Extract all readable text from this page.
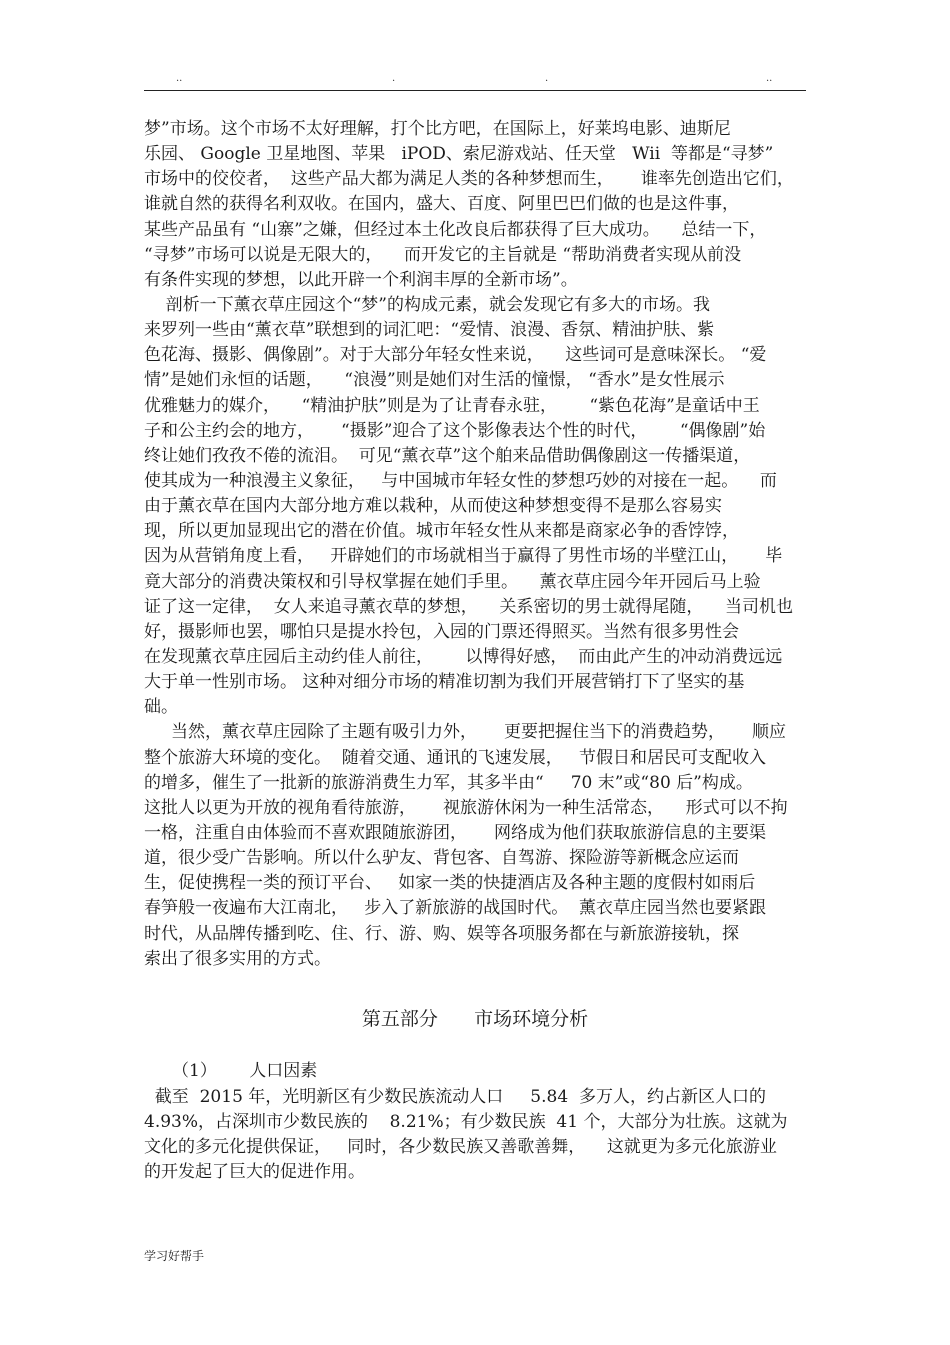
..	.	.	..
梦”市场。这个市场不太好理解，打个比方吧，在国际上，好莱坞电影、迪斯尼
乐园、 Google 卫星地图、苹果   iPOD、索尼游戏站、任天堂   Wii  等都是“寻梦”
市场中的佼佼者，  这些产品大都为满足人类的各种梦想而生，     谁率先创造出它们，
谁就自然的获得名利双收。在国内，盛大、百度、阿里巴巴们做的也是这件事，
某些产品虽有 “山寨”之嫌，但经过本土化改良后都获得了巨大成功。    总结一下，
“寻梦”市场可以说是无限大的，    而开发它的主旨就是 “帮助消费者实现从前没
有条件实现的梦想，以此开辟一个利润丰厚的全新市场”。
剖析一下薰衣草庄园这个“梦”的构成元素，就会发现它有多大的市场。我
来罗列一些由“薰衣草”联想到的词汇吧：“爱情、浪漫、香氛、精油护肤、紫
色花海、摄影、偶像剧”。对于大部分年轻女性来说，    这些词可是意味深长。 “爱
情”是她们永恒的话题，    “浪漫”则是她们对生活的憧憬， “香水”是女性展示
优雅魅力的媒介，    “精油护肤”则是为了让青春永驻，      “紫色花海”是童话中王
子和公主约会的地方，     “摄影”迎合了这个影像表达个性的时代，      “偶像剧”始
终让她们孜孜不倦的流泪。  可见“薰衣草”这个舶来品借助偶像剧这一传播渠道，
使其成为一种浪漫主义象征，   与中国城市年轻女性的梦想巧妙的对接在一起。    而
由于薰衣草在国内大部分地方难以栽种，从而使这种梦想变得不是那么容易实
现，所以更加显现出它的潜在价值。城市年轻女性从来都是商家必争的香饽饽，
因为从营销角度上看，   开辟她们的市场就相当于赢得了男性市场的半壁江山，     毕
竟大部分的消费决策权和引导权掌握在她们手里。    薰衣草庄园今年开园后马上验
证了这一定律，  女人来追寻薰衣草的梦想，    关系密切的男士就得尾随，    当司机也
好，摄影师也罢，哪怕只是提水拎包，入园的门票还得照买。当然有很多男性会
在发现薰衣草庄园后主动约佳人前往，      以博得好感，  而由此产生的冲动消费远远
大于单一性别市场。 这种对细分市场的精准切割为我们开展营销打下了坚实的基
础。
当然，薰衣草庄园除了主题有吸引力外，     更要把握住当下的消费趋势，     顺应
整个旅游大环境的变化。  随着交通、通讯的飞速发展，   节假日和居民可支配收入
的增多，催生了一批新的旅游消费生力军，其多半由“     70 末”或“80 后”构成。
这批人以更为开放的视角看待旅游，     视旅游休闲为一种生活常态，    形式可以不拘
一格，注重自由体验而不喜欢跟随旅游团，     网络成为他们获取旅游信息的主要渠
道，很少受广告影响。所以什么驴友、背包客、自驾游、探险游等新概念应运而
生，促使携程一类的预订平台、   如家一类的快捷酒店及各种主题的度假村如雨后
春笋般一夜遍布大江南北，   步入了新旅游的战国时代。  薰衣草庄园当然也要紧跟
时代，从品牌传播到吃、住、行、游、购、娱等各项服务都在与新旅游接轨，探
索出了很多实用的方式。
第五部分      市场环境分析
（1）      人口因素
截至  2015 年，光明新区有少数民族流动人口     5.84  多万人，约占新区人口的
4.93%，占深圳市少数民族的    8.21%；有少数民族  41 个，大部分为壮族。这就为
文化的多元化提供保证，   同时，各少数民族又善歌善舞，    这就更为多元化旅游业
的开发起了巨大的促进作用。
学习好帮手
